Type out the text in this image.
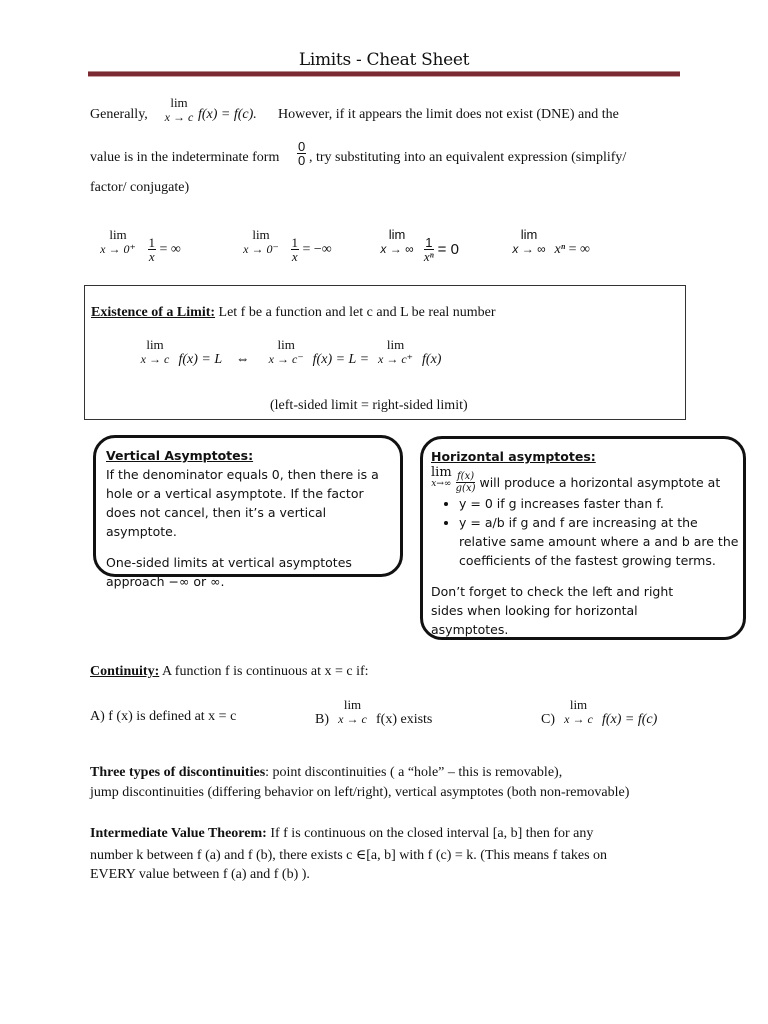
Limits - Cheat Sheet
Generally,
lim
x → c f(x) = f(c). However, if it appears the limit does not exist (DNE) and the
value is in the indeterminate form $\frac{0}{0}$ , try substituting into an equivalent expression (simplify/
factor/ conjugate)
lim
x → 0⁺
$\frac{1}{x}$ = ∞
lim
x → 0⁻
$\frac{1}{x}$ = −∞
lim
x → ∞
$\frac{1}{\text{xⁿ}} = 0$
lim
x → ∞ xⁿ = ∞
Existence of a Limit: Let f be a function and let c and L be real number
lim
x → c f(x) = L ⇔
lim
x → c⁻ f(x) = L =
lim
x → c⁺ f(x)
(left-sided limit = right-sided limit)
Vertical Asymptotes:
If the denominator equals 0, then there is a hole or a vertical asymptote. If the factor does not cancel, then it’s a vertical asymptote.
One-sided limits at vertical asymptotes approach −∞ or ∞.
Horizontal asymptotes:
lim
x→∞
$\frac{f(x)}{g(x)}$ will produce a horizontal asymptote at
• y = 0 if g increases faster than f.
• y = a/b if g and f are increasing at the relative same amount where a and b are the coefficients of the fastest growing terms.
Don’t forget to check the left and right sides when looking for horizontal asymptotes.
Continuity: A function f is continuous at x = c if:
A) f (x) is defined at x = c	B)
lim
x → c f(x) exists	C)
lim
x → c f(x) = f(c)
Three types of discontinuities: point discontinuities ( a “hole” – this is removable),
jump discontinuities (differing behavior on left/right), vertical asymptotes (both non-removable)
Intermediate Value Theorem: If f is continuous on the closed interval [a, b] then for any
number k between f (a) and f (b), there exists c ∈[a, b] with f (c) = k. (This means f takes on
EVERY value between f (a) and f (b) ).
